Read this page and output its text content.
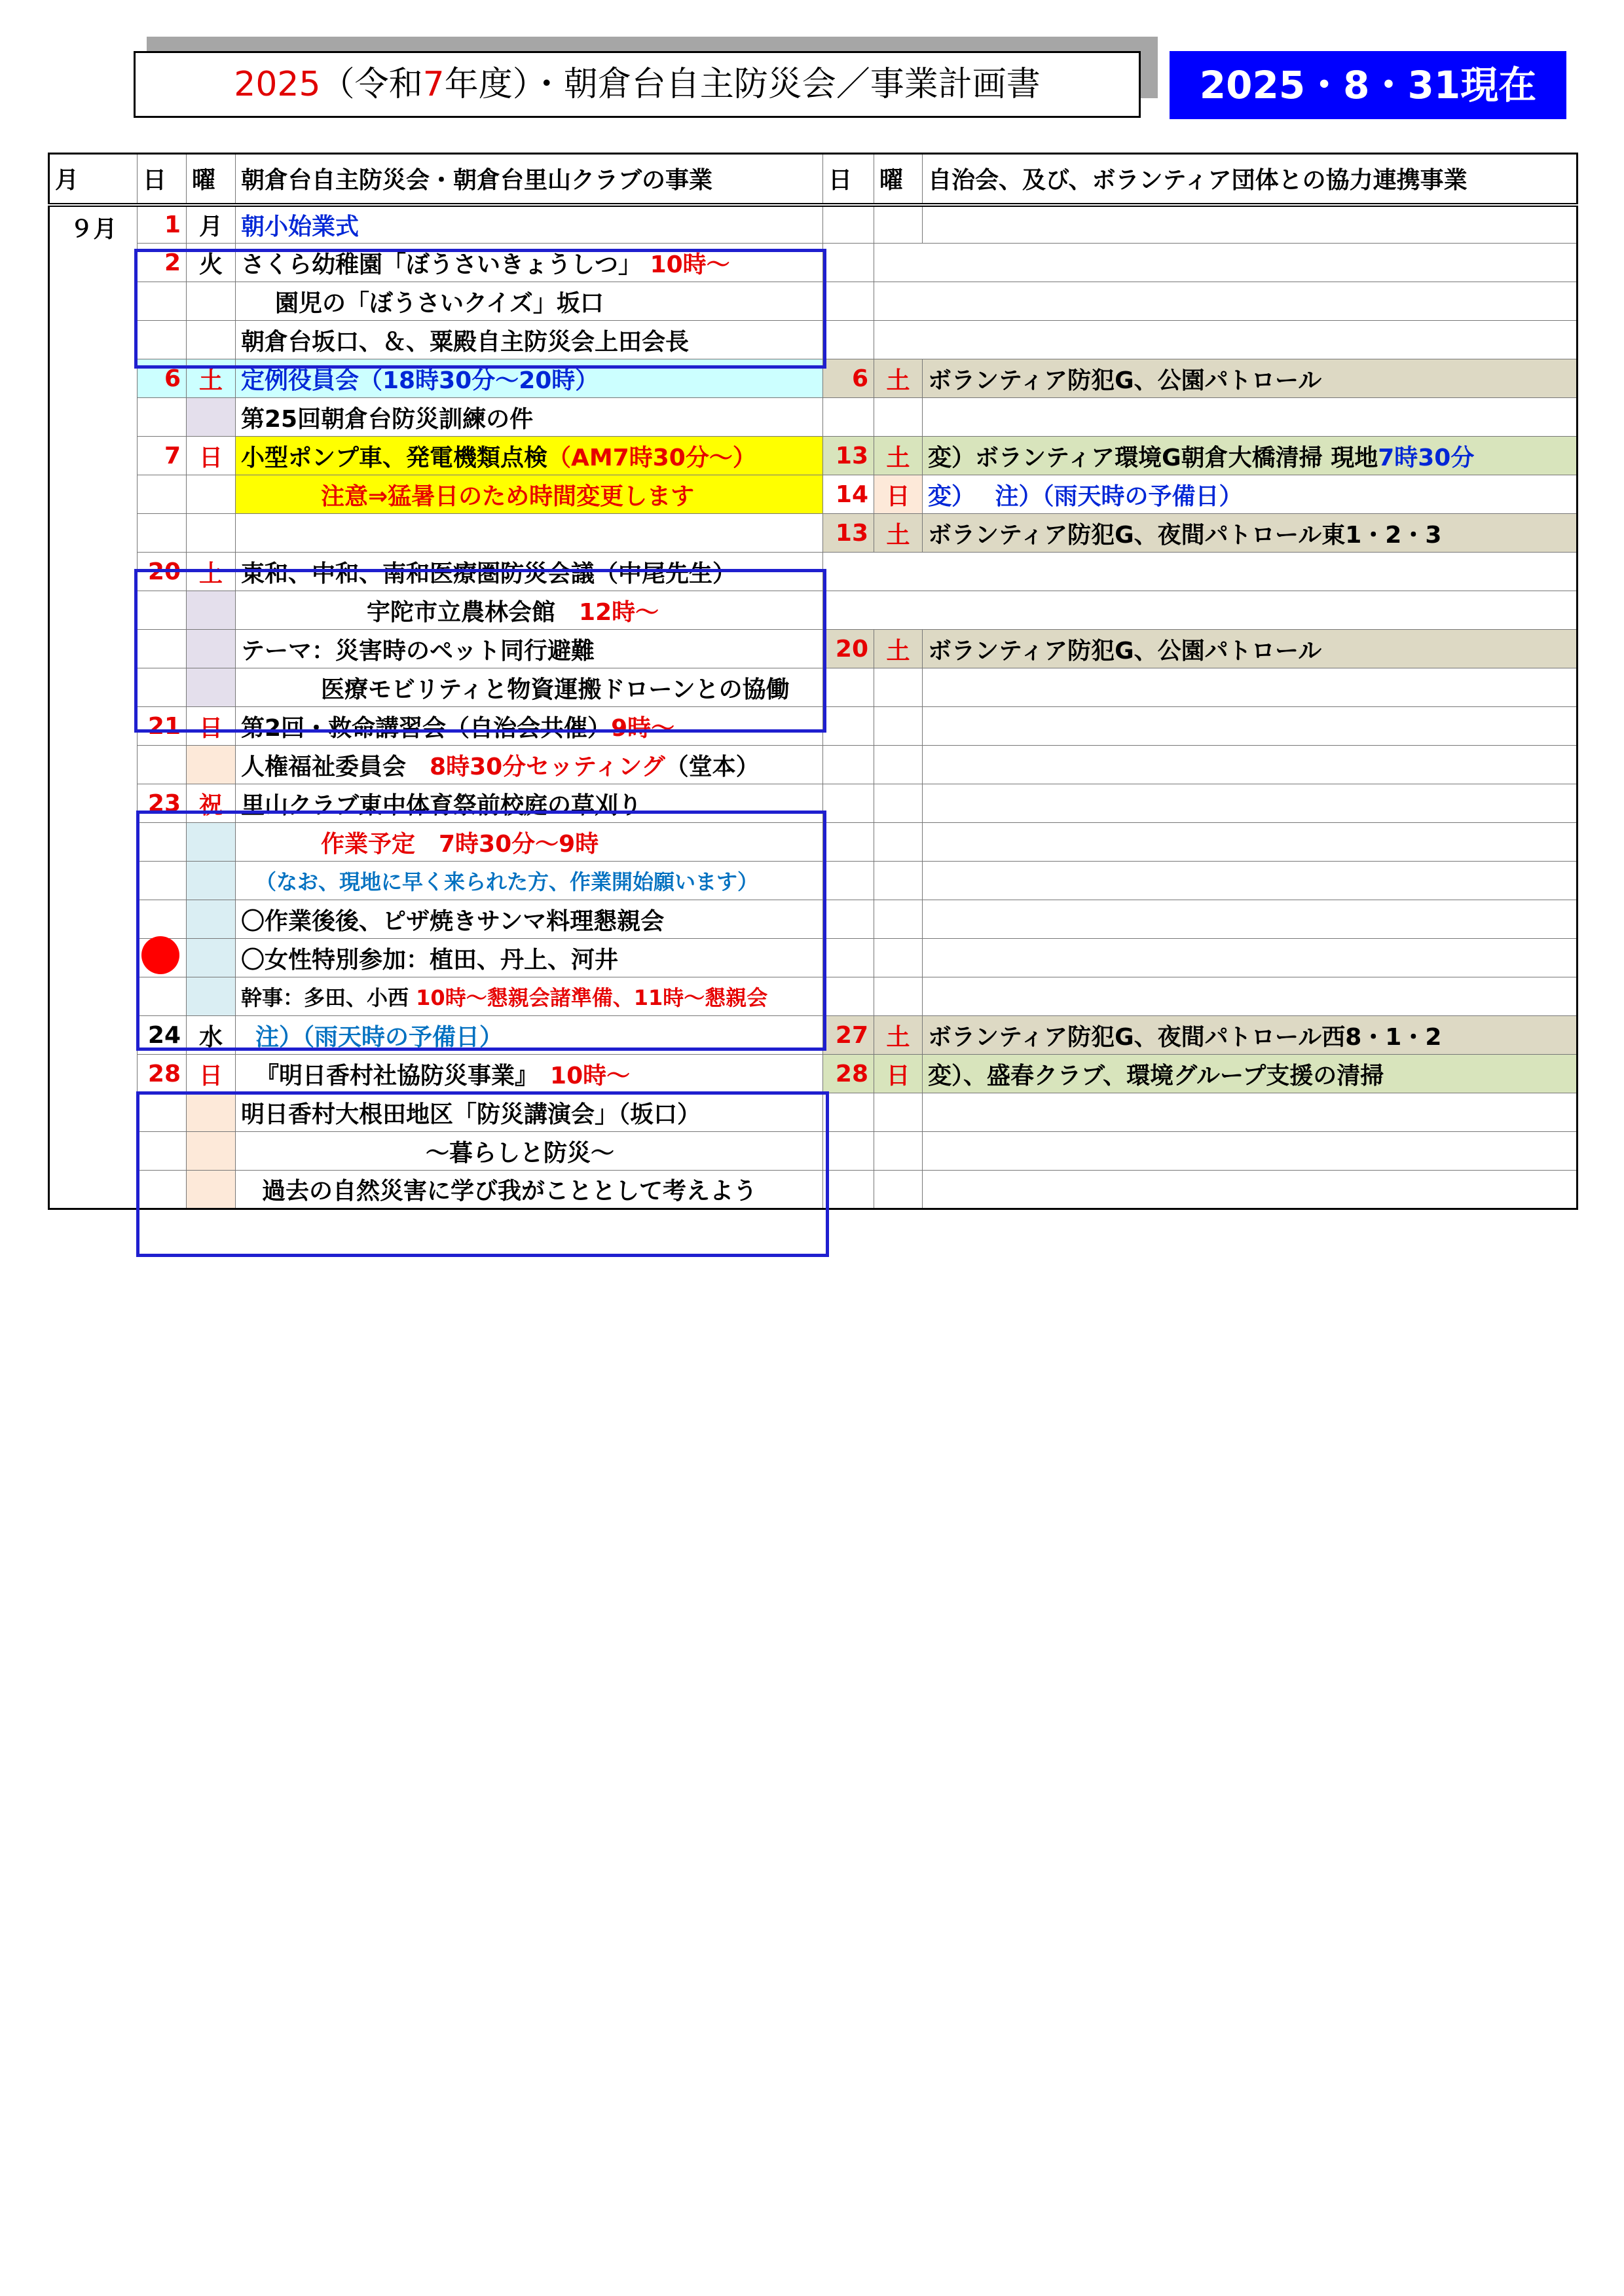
2025（令和7年度）・朝倉台自主防災会／事業計画書	2025・8・31現在
月	日	曜	朝倉台自主防災会・朝倉台里山クラブの事業	日	曜	自治会、及び、ボランティア団体との協力連携事業
９月	1	月	朝小始業式			
	2	火	さくら幼稚園「ぼうさいきょうしつ」 10時～			
			園児の「ぼうさいクイズ」坂口			
			朝倉台坂口、＆、粟殿自主防災会上田会長			
	6	土	定例役員会（18時30分～20時）	6	土	ボランティア防犯G、公園パトロール
			第25回朝倉台防災訓練の件			
	7	日	小型ポンプ車、発電機類点検（AM7時30分～）	13	土	変）ボランティア環境G朝倉大橋清掃 現地7時30分
			注意⇒猛暑日のため時間変更します	14	日	変）　 注）（雨天時の予備日）
				13	土	ボランティア防犯G、夜間パトロール東1・2・3
	20	土	東和、中和、南和医療圏防災会議（中尾先生）			
			宇陀市立農林会館　 12時～			
			テーマ：災害時のペット同行避難	20	土	ボランティア防犯G、公園パトロール
			医療モビリティと物資運搬ドローンとの協働			
	21	日	第2回・救命講習会（自治会共催）9時～			
			人権福祉委員会　 8時30分セッティング（堂本）			
	23	祝	里山クラブ東中体育祭前校庭の草刈り			
			作業予定　7時30分～9時			
			（なお、現地に早く来られた方、作業開始願います）			
			〇作業後後、ピザ焼きサンマ料理懇親会			
			〇女性特別参加：植田、丹上、河井			
			幹事：多田、小西 10時～懇親会諸準備、11時～懇親会			
	24	水	注）（雨天時の予備日）	27	土	ボランティア防犯G、夜間パトロール西8・1・2
	28	日	『明日香村社協防災事業』　 10時～	28	日	変）、盛春クラブ、環境グループ支援の清掃
			明日香村大根田地区「防災講演会」（坂口）			
			～暮らしと防災～			
			過去の自然災害に学び我がこととして考えよう			
